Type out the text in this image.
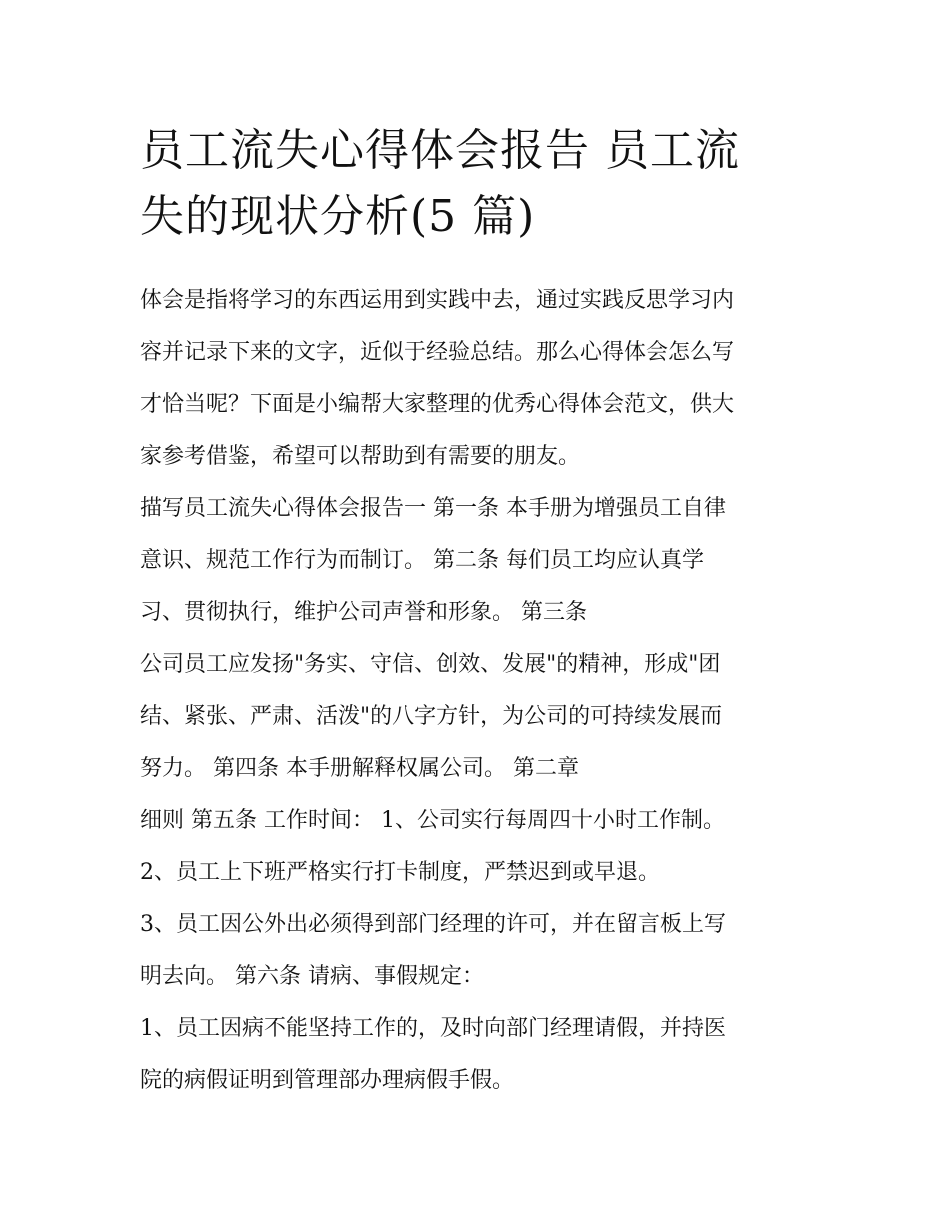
员工流失心得体会报告 员工流
失的现状分析(5 篇)
体会是指将学习的东西运用到实践中去，通过实践反思学习内
容并记录下来的文字，近似于经验总结。那么心得体会怎么写
才恰当呢？下面是小编帮大家整理的优秀心得体会范文，供大
家参考借鉴，希望可以帮助到有需要的朋友。
描写员工流失心得体会报告一 第一条 本手册为增强员工自律
意识、规范工作行为而制订。 第二条 每们员工均应认真学
习、贯彻执行，维护公司声誉和形象。 第三条
公司员工应发扬"务实、守信、创效、发展"的精神，形成"团
结、紧张、严肃、活泼"的八字方针，为公司的可持续发展而
努力。 第四条 本手册解释权属公司。 第二章
细则 第五条 工作时间： 1、公司实行每周四十小时工作制。
2、员工上下班严格实行打卡制度，严禁迟到或早退。
3、员工因公外出必须得到部门经理的许可，并在留言板上写
明去向。 第六条 请病、事假规定：
1、员工因病不能坚持工作的，及时向部门经理请假，并持医
院的病假证明到管理部办理病假手假。
